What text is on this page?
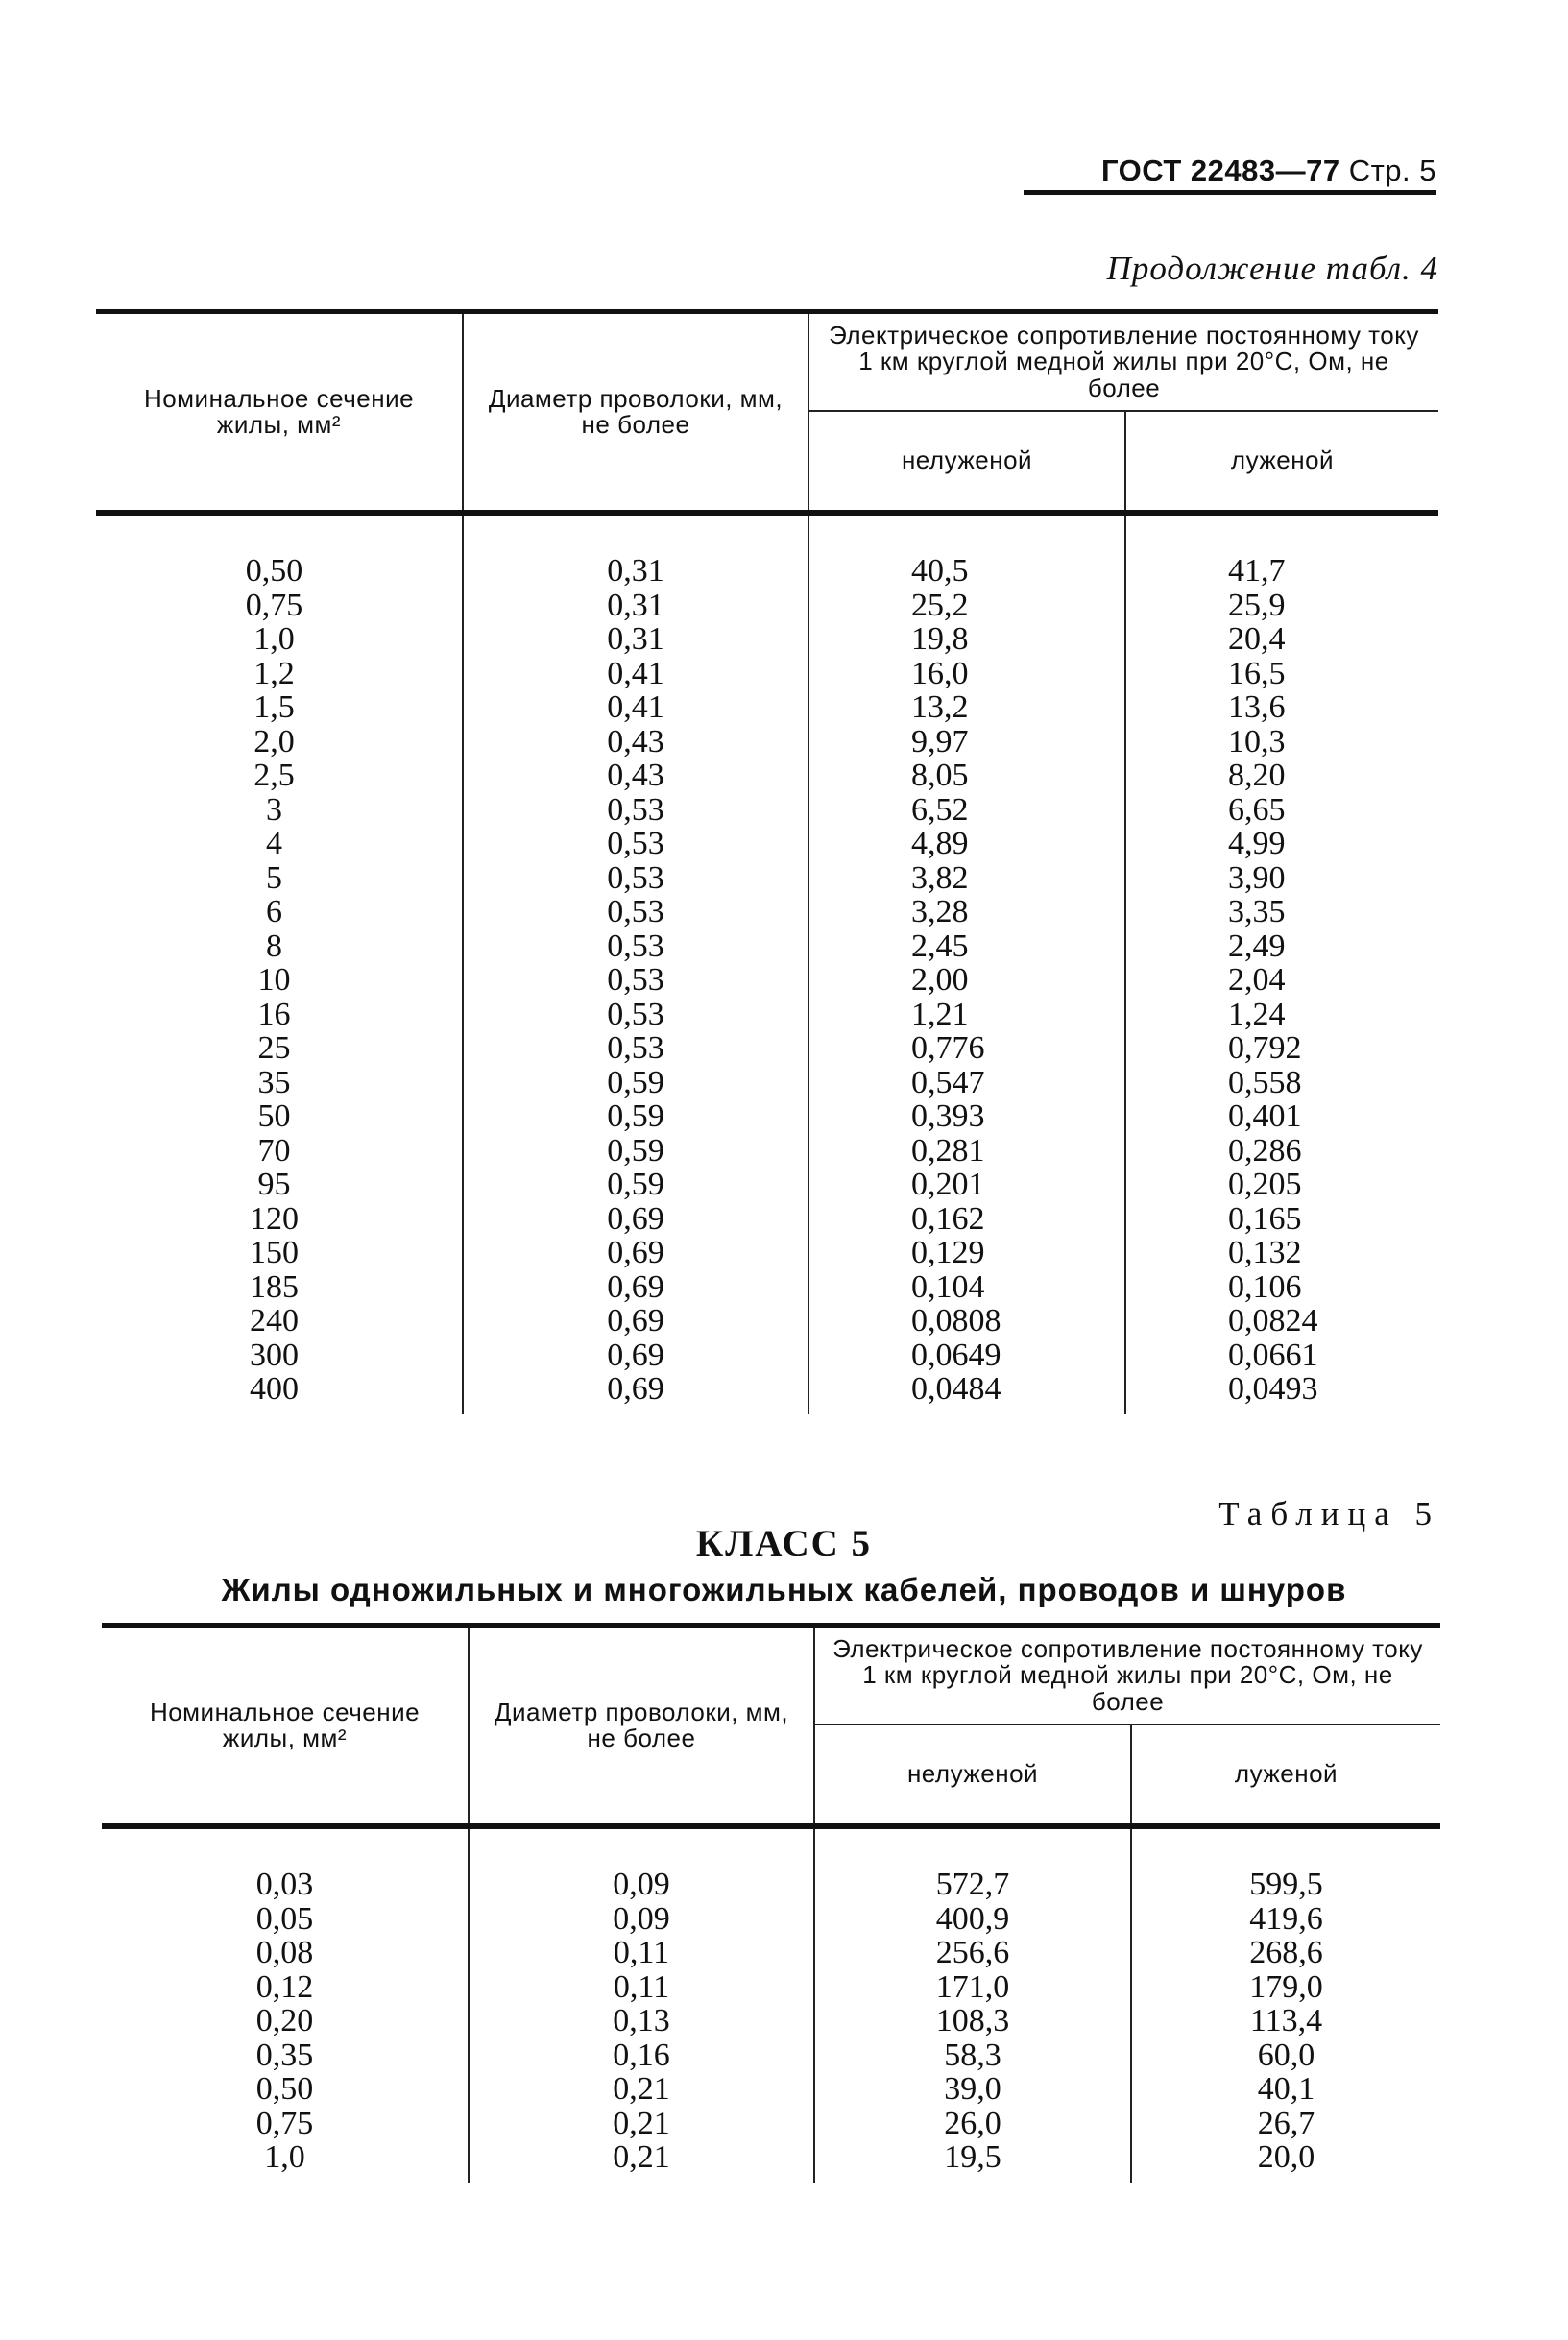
ГОСТ 22483—77 Стр. 5
Продолжение табл. 4
Номинальное сечение жилы, мм²	Диаметр проволоки, мм, не более	Электрическое сопротивление постоянному току 1 км круглой медной жилы при 20°С, Ом, не более	
		нелуженой	луженой
0,50	0,31	40,5	41,7
0,75	0,31	25,2	25,9
1,0	0,31	19,8	20,4
1,2	0,41	16,0	16,5
1,5	0,41	13,2	13,6
2,0	0,43	9,97	10,3
2,5	0,43	8,05	8,20
3	0,53	6,52	6,65
4	0,53	4,89	4,99
5	0,53	3,82	3,90
6	0,53	3,28	3,35
8	0,53	2,45	2,49
10	0,53	2,00	2,04
16	0,53	1,21	1,24
25	0,53	0,776	0,792
35	0,59	0,547	0,558
50	0,59	0,393	0,401
70	0,59	0,281	0,286
95	0,59	0,201	0,205
120	0,69	0,162	0,165
150	0,69	0,129	0,132
185	0,69	0,104	0,106
240	0,69	0,0808	0,0824
300	0,69	0,0649	0,0661
400	0,69	0,0484	0,0493
Таблица 5
КЛАСС 5
Жилы одножильных и многожильных кабелей, проводов и шнуров
Номинальное сечение жилы, мм²	Диаметр проволоки, мм, не более	Электрическое сопротивление постоянному току 1 км круглой медной жилы при 20°С, Ом, не более	
		нелуженой	луженой
0,03	0,09	572,7	599,5
0,05	0,09	400,9	419,6
0,08	0,11	256,6	268,6
0,12	0,11	171,0	179,0
0,20	0,13	108,3	113,4
0,35	0,16	58,3	60,0
0,50	0,21	39,0	40,1
0,75	0,21	26,0	26,7
1,0	0,21	19,5	20,0
